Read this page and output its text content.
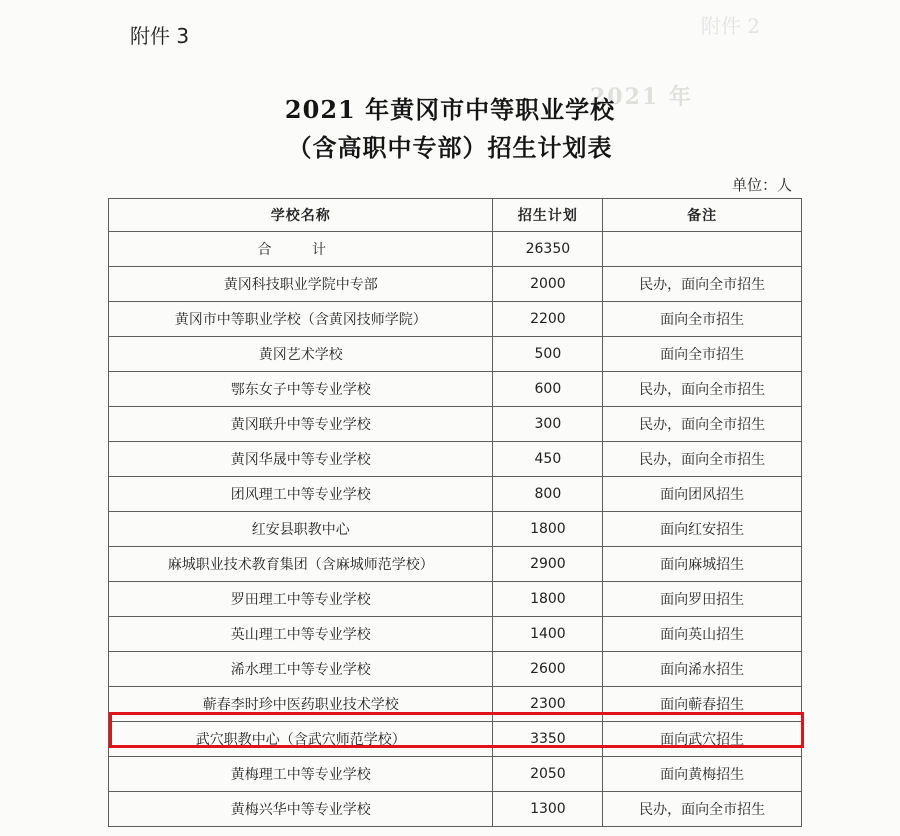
附件 2
2021 年
附件 3
2021 年黄冈市中等职业学校
（含高职中专部）招生计划表
单位：人
学校名称	招生计划	备注
合 计	26350	
黄冈科技职业学院中专部	2000	民办，面向全市招生
黄冈市中等职业学校（含黄冈技师学院）	2200	面向全市招生
黄冈艺术学校	500	面向全市招生
鄂东女子中等专业学校	600	民办，面向全市招生
黄冈联升中等专业学校	300	民办，面向全市招生
黄冈华晟中等专业学校	450	民办，面向全市招生
团风理工中等专业学校	800	面向团风招生
红安县职教中心	1800	面向红安招生
麻城职业技术教育集团（含麻城师范学校）	2900	面向麻城招生
罗田理工中等专业学校	1800	面向罗田招生
英山理工中等专业学校	1400	面向英山招生
浠水理工中等专业学校	2600	面向浠水招生
蕲春李时珍中医药职业技术学校	2300	面向蕲春招生
武穴职教中心（含武穴师范学校）	3350	面向武穴招生
黄梅理工中等专业学校	2050	面向黄梅招生
黄梅兴华中等专业学校	1300	民办，面向全市招生
